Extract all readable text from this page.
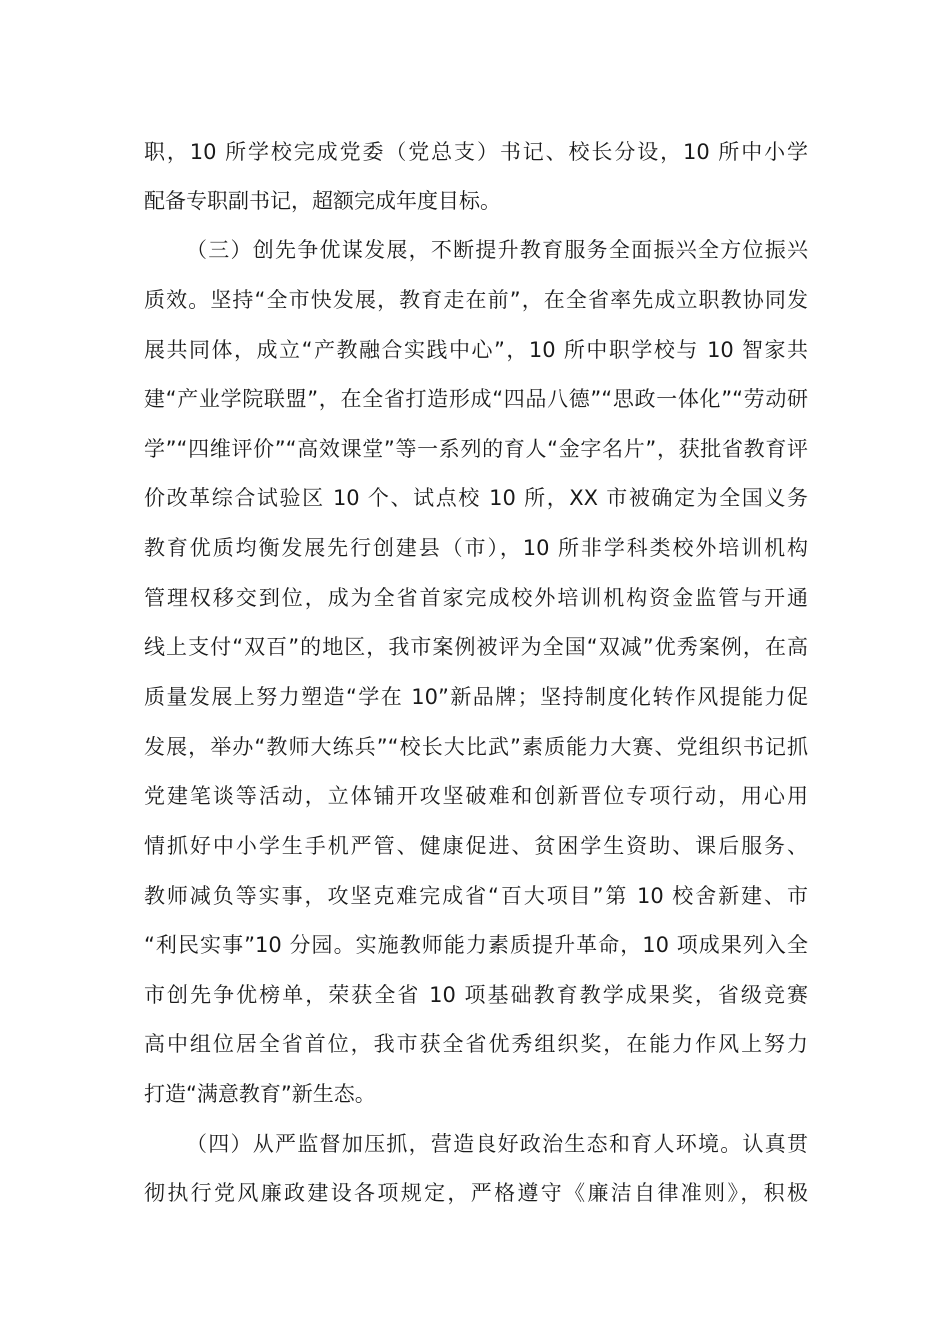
职，10 所学校完成党委（党总支）书记、校长分设，10 所中小学
配备专职副书记，超额完成年度目标。
（三）创先争优谋发展，不断提升教育服务全面振兴全方位振兴
质效。坚持“全市快发展，教育走在前”，在全省率先成立职教协同发
展共同体，成立“产教融合实践中心”，10 所中职学校与 10 智家共
建“产业学院联盟”，在全省打造形成“四品八德”“思政一体化”“劳动研
学”“四维评价”“高效课堂”等一系列的育人“金字名片”，获批省教育评
价改革综合试验区 10 个、试点校 10 所，XX 市被确定为全国义务
教育优质均衡发展先行创建县（市），10 所非学科类校外培训机构
管理权移交到位，成为全省首家完成校外培训机构资金监管与开通
线上支付“双百”的地区，我市案例被评为全国“双减”优秀案例，在高
质量发展上努力塑造“学在 10”新品牌；坚持制度化转作风提能力促
发展，举办“教师大练兵”“校长大比武”素质能力大赛、党组织书记抓
党建笔谈等活动，立体铺开攻坚破难和创新晋位专项行动，用心用
情抓好中小学生手机严管、健康促进、贫困学生资助、课后服务、
教师减负等实事，攻坚克难完成省“百大项目”第 10 校舍新建、市
“利民实事”10 分园。实施教师能力素质提升革命，10 项成果列入全
市创先争优榜单，荣获全省 10 项基础教育教学成果奖，省级竞赛
高中组位居全省首位，我市获全省优秀组织奖，在能力作风上努力
打造“满意教育”新生态。
（四）从严监督加压抓，营造良好政治生态和育人环境。认真贯
彻执行党风廉政建设各项规定，严格遵守《廉洁自律准则》，积极
